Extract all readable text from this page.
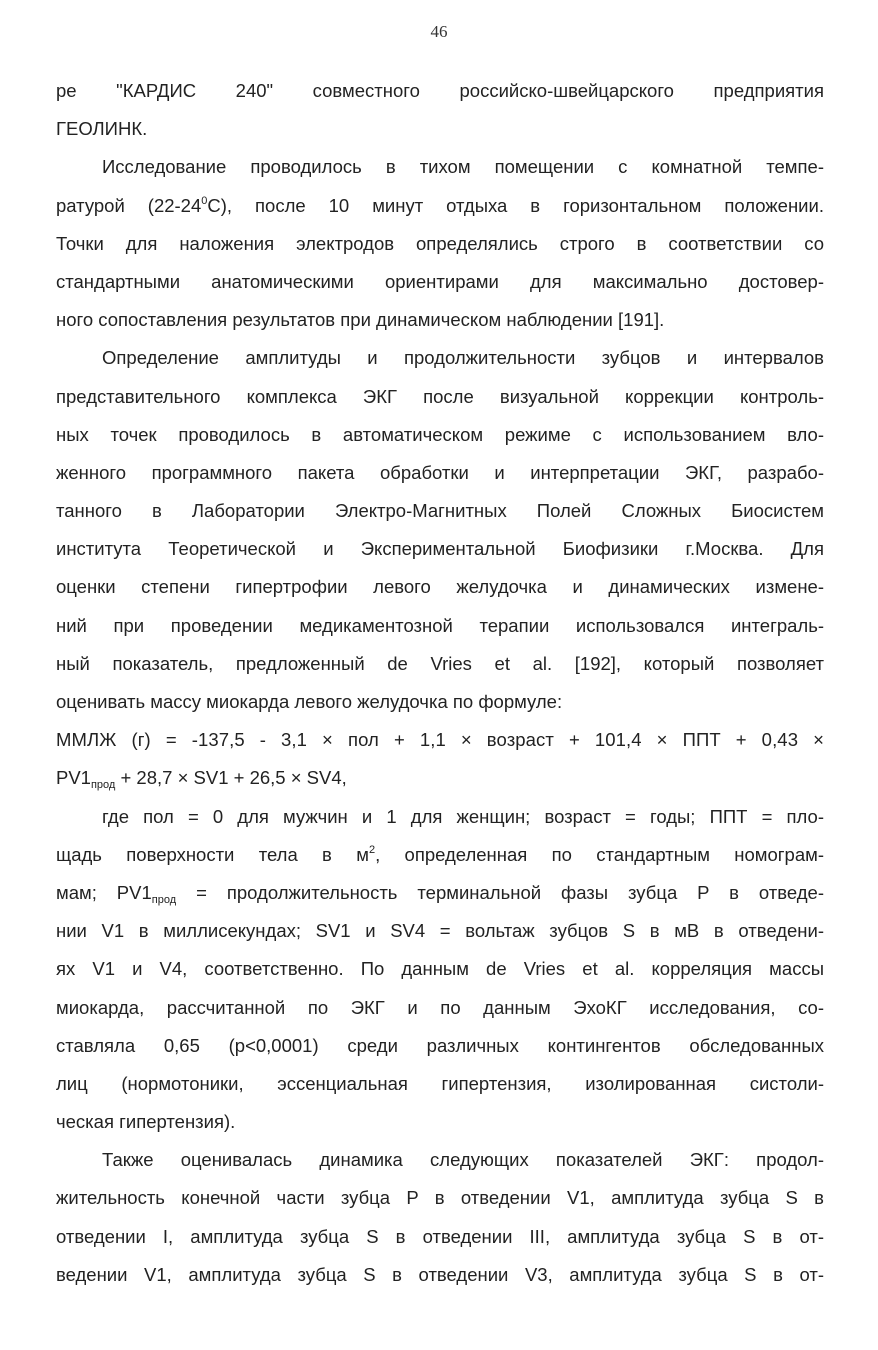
46
ре "КАРДИС 240" совместного российско-швейцарского предприятия
ГЕОЛИНК.
Исследование проводилось в тихом помещении с комнатной темпе-
ратурой $(22-24^0С)$, после 10 минут отдыха в горизонтальном положении.
Точки для наложения электродов определялись строго в соответствии со
стандартными анатомическими ориентирами для максимально достовер-
ного сопоставления результатов при динамическом наблюдении [191].
Определение амплитуды и продолжительности зубцов и интервалов
представительного комплекса ЭКГ после визуальной коррекции контроль-
ных точек проводилось в автоматическом режиме с использованием вло-
женного программного пакета обработки и интерпретации ЭКГ, разрабо-
танного в Лаборатории Электро-Магнитных Полей Сложных Биосистем
института Теоретической и Экспериментальной Биофизики г.Москва. Для
оценки степени гипертрофии левого желудочка и динамических измене-
ний при проведении медикаментозной терапии использовался интеграль-
ный показатель, предложенный de Vries et al. [192], который позволяет
оценивать массу миокарда левого желудочка по формуле:
ММЛЖ (г) = -137,5 - 3,1 × пол + 1,1 × возраст + 101,4 × ППТ + 0,43 ×
$PV1_{прод} + 28,7 \times SV1 + 26,5 \times SV4$,
где пол = 0 для мужчин и 1 для женщин; возраст = годы; ППТ = пло-
щадь поверхности тела в $м^2$, определенная по стандартным номограм-
мам; $PV1_{прод}$ = продолжительность терминальной фазы зубца P в отведе-
нии V1 в миллисекундах; SV1 и SV4 = вольтаж зубцов S в мВ в отведени-
ях V1 и V4, соответственно. По данным de Vries et al. корреляция массы
миокарда, рассчитанной по ЭКГ и по данным ЭхоКГ исследования, со-
ставляла 0,65 (p<0,0001) среди различных контингентов обследованных
лиц (нормотоники, эссенциальная гипертензия, изолированная систоли-
ческая гипертензия).
Также оценивалась динамика следующих показателей ЭКГ: продол-
жительность конечной части зубца P в отведении V1, амплитуда зубца S в
отведении I, амплитуда зубца S в отведении III, амплитуда зубца S в от-
ведении V1, амплитуда зубца S в отведении V3, амплитуда зубца S в от-
